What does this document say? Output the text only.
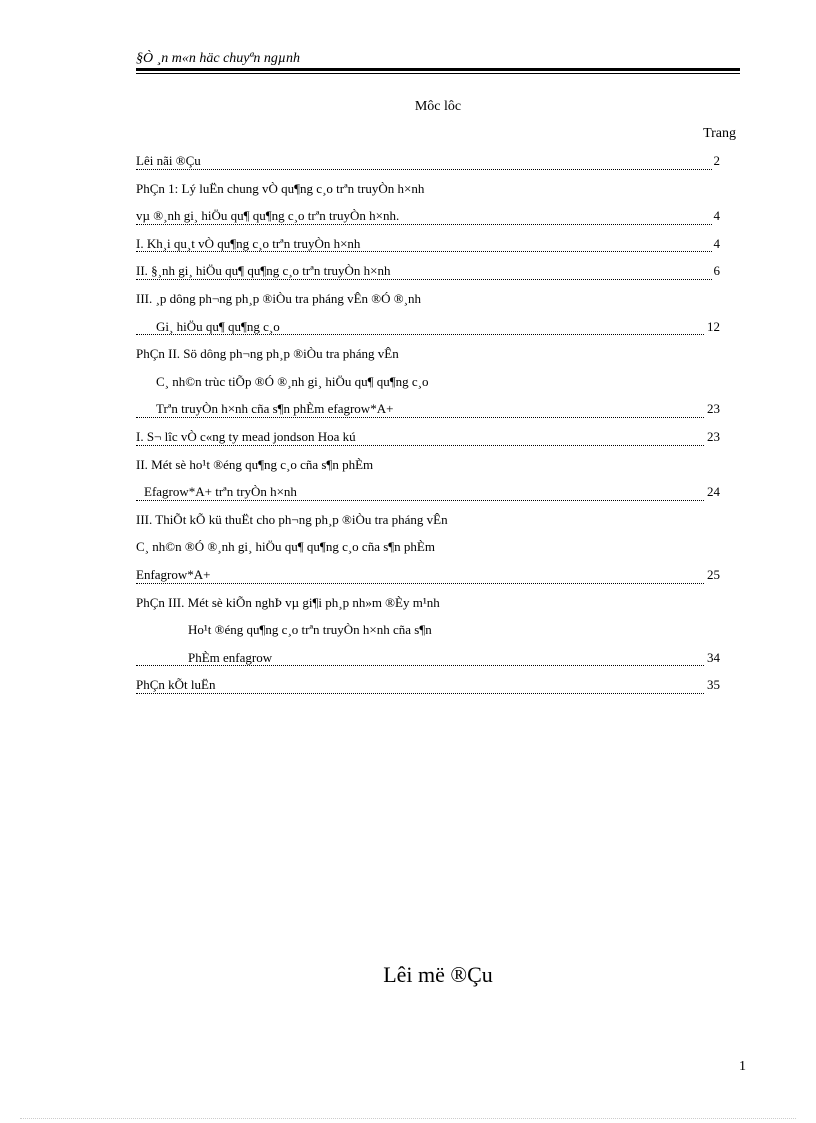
§Ò ¸n m«n häc chuyªn ngµnh
Môc lôc
Trang
Lêi nãi ®Çu	2
PhÇn 1: Lý luËn chung vÒ qu¶ng c¸o trªn truyÒn h×nh
vµ ®¸nh gi¸ hiÖu qu¶ qu¶ng c¸o trªn truyÒn h×nh.	4
I. Kh¸i qu¸t vÒ qu¶ng c¸o trªn truyÒn h×nh	4
II. §¸nh gi¸ hiÖu qu¶ qu¶ng c¸o trªn truyÒn h×nh	6
III. ¸p dông ph¬ng ph¸p ®iÒu tra pháng vÊn ®Ó ®¸nh
Gi¸ hiÖu qu¶ qu¶ng c¸o	12
PhÇn II. Sö dông ph¬ng ph¸p ®iÒu tra pháng vÊn
C¸ nh©n trùc tiÕp ®Ó ®¸nh gi¸ hiÖu qu¶ qu¶ng c¸o
Trªn truyÒn h×nh cña s¶n phÈm efagrow*A+	23
I. S¬ lîc vÒ c«ng ty mead jondson Hoa kú	23
II. Mét sè ho¹t ®éng qu¶ng c¸o cña s¶n phÈm
Efagrow*A+ trªn tryÒn h×nh	24
III. ThiÕt kÕ kü thuËt cho ph¬ng ph¸p ®iÒu tra pháng vÊn
C¸ nh©n ®Ó ®¸nh gi¸ hiÖu qu¶ qu¶ng c¸o cña s¶n phÈm
Enfagrow*A+	25
PhÇn III. Mét sè kiÕn nghÞ vµ gi¶i ph¸p nh»m ®Èy m¹nh
Ho¹t ®éng qu¶ng c¸o trªn truyÒn h×nh cña s¶n
PhÈm enfagrow	34
PhÇn kÕt luËn	35
Lêi më ®Çu
1
